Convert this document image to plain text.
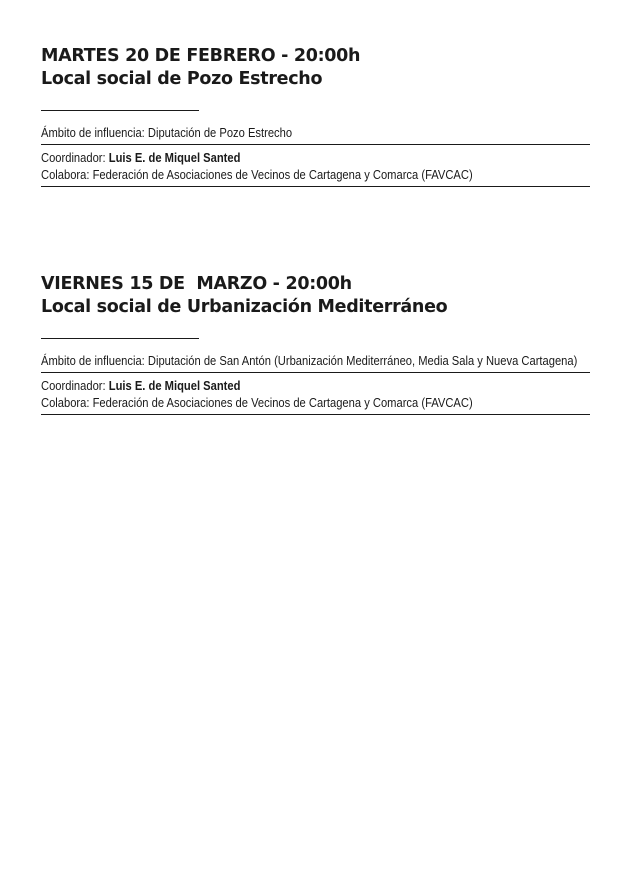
MARTES 20 DE FEBRERO - 20:00h
Local social de Pozo Estrecho
Ámbito de influencia: Diputación de Pozo Estrecho
Coordinador: Luis E. de Miquel Santed
Colabora: Federación de Asociaciones de Vecinos de Cartagena y Comarca (FAVCAC)
VIERNES 15 DE  MARZO - 20:00h
Local social de Urbanización Mediterráneo
Ámbito de influencia: Diputación de San Antón (Urbanización Mediterráneo, Media Sala y Nueva Cartagena)
Coordinador: Luis E. de Miquel Santed
Colabora: Federación de Asociaciones de Vecinos de Cartagena y Comarca (FAVCAC)
